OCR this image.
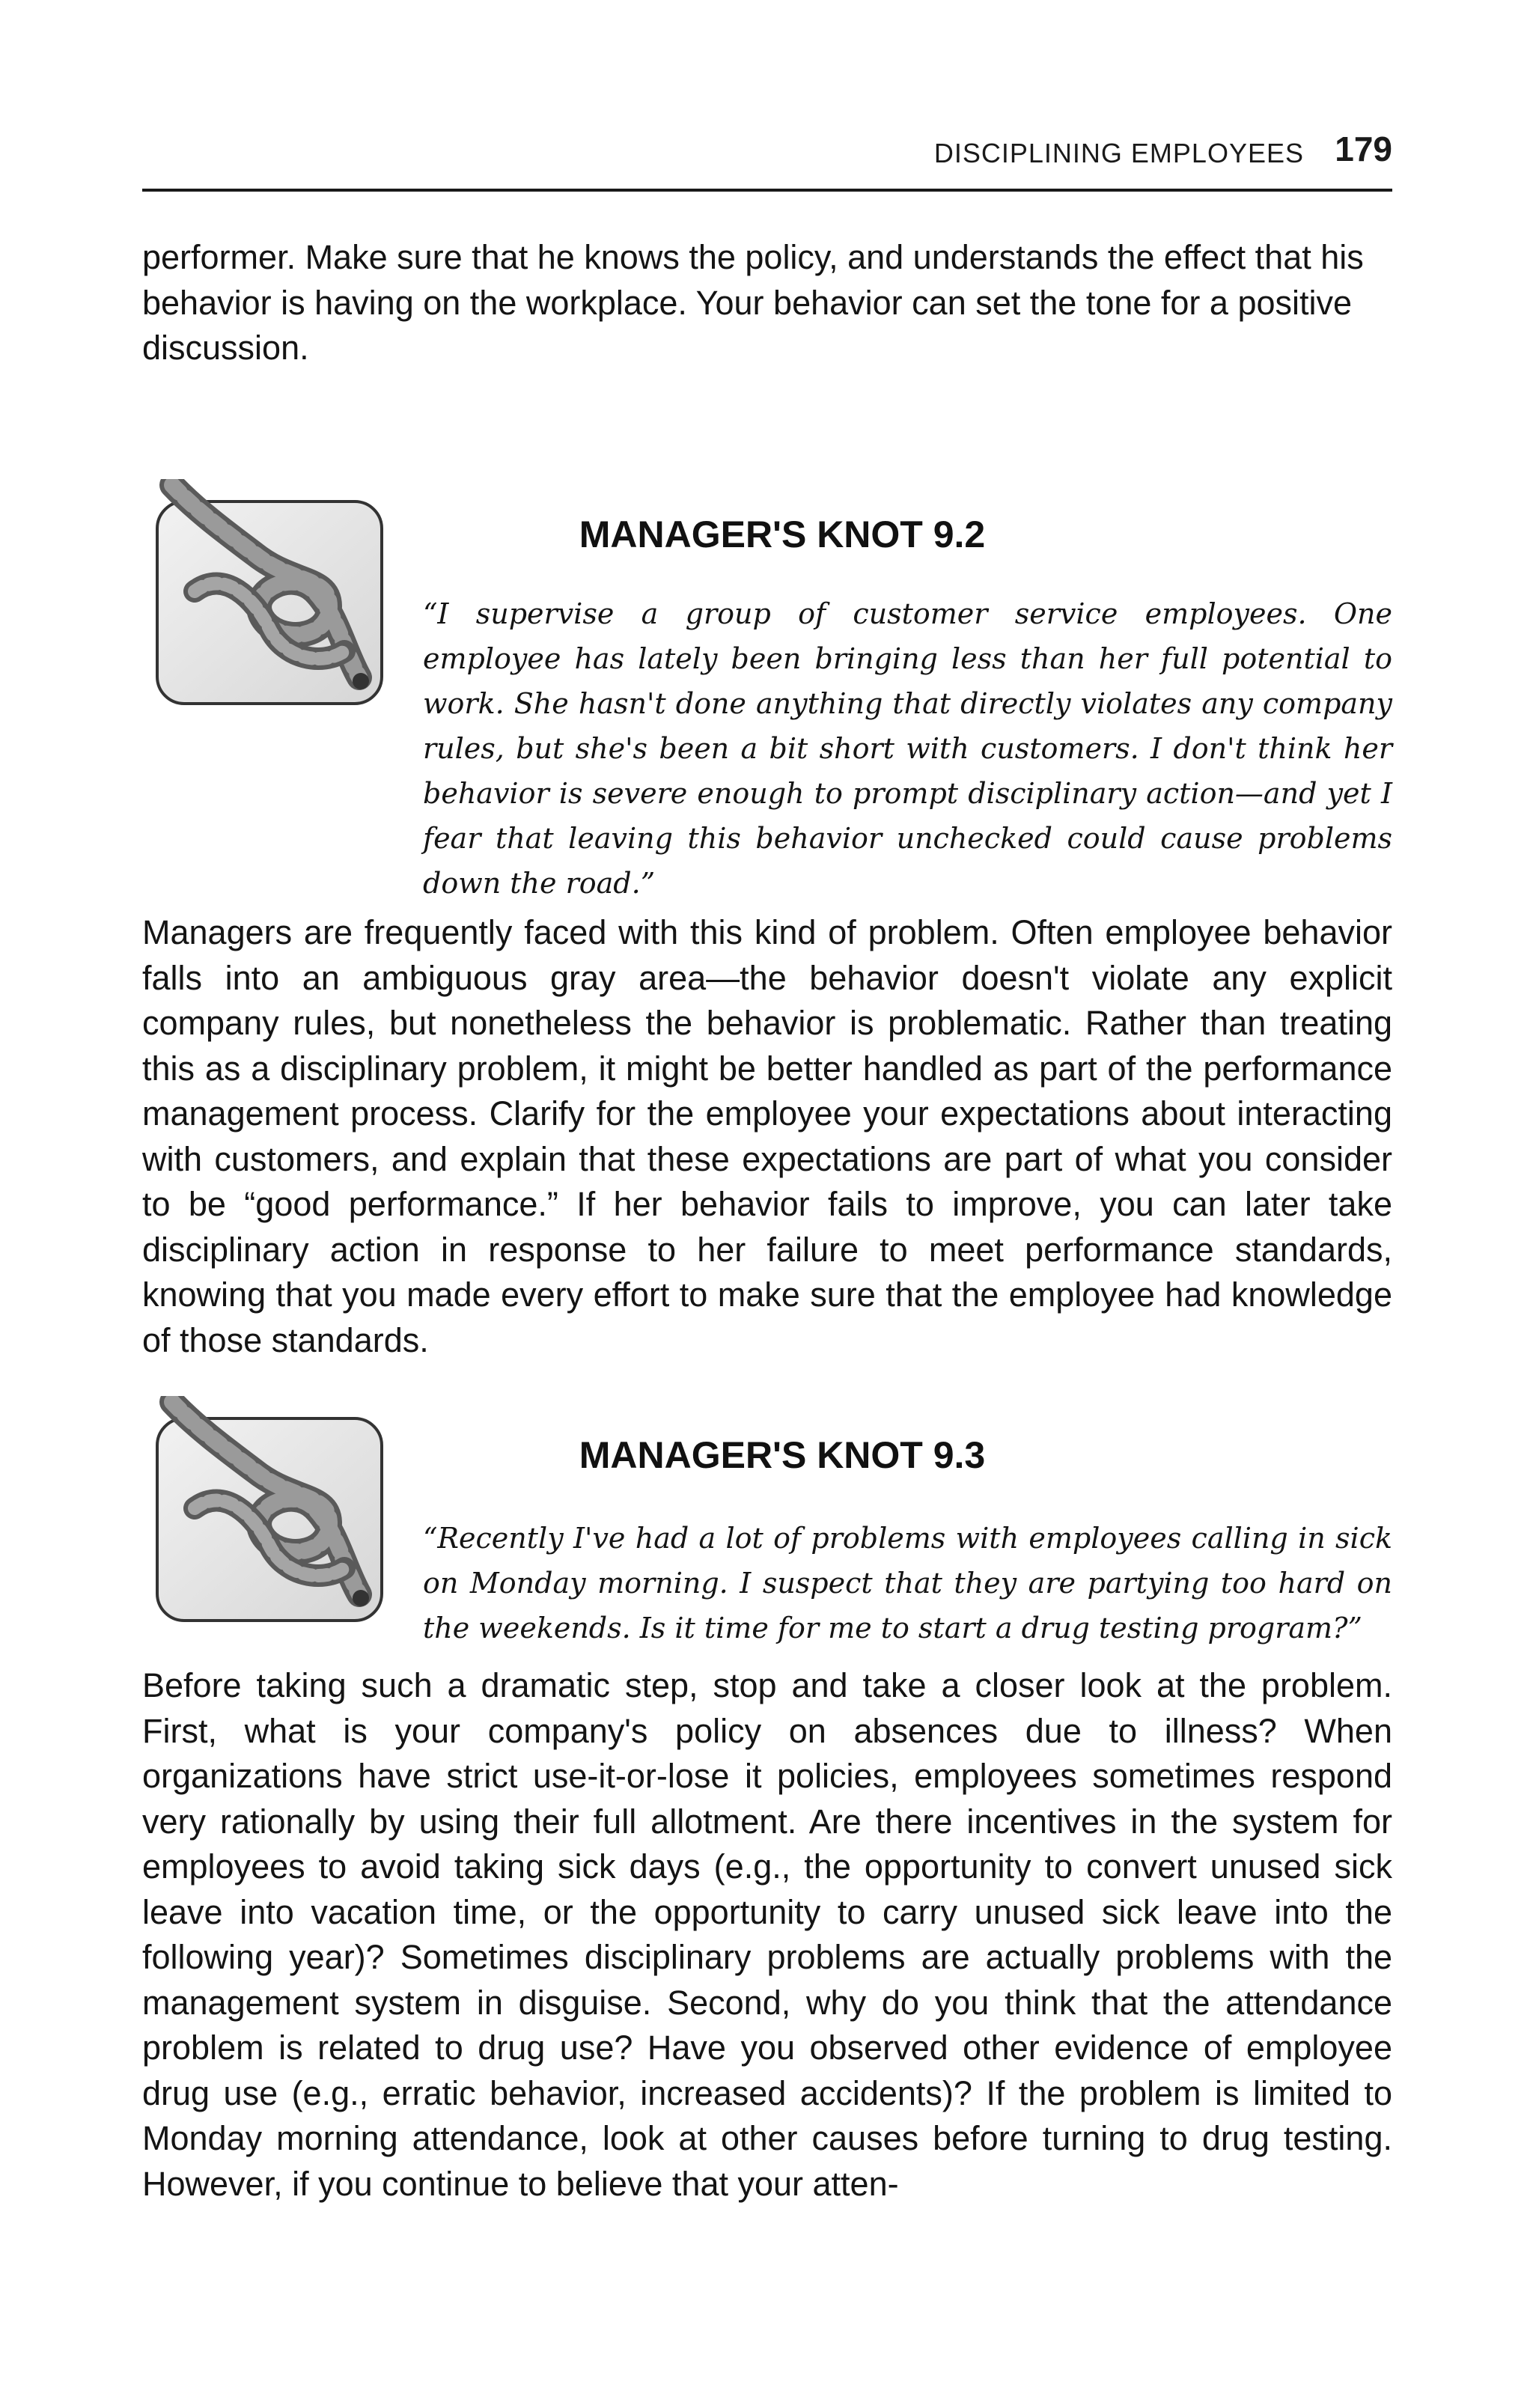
DISCIPLINING EMPLOYEES 179

performer. Make sure that he knows the policy, and understands the effect that his behavior is having on the workplace. Your behavior can set the tone for a positive discussion.

MANAGER'S KNOT 9.2

“I supervise a group of customer service employees. One employee has lately been bringing less than her full potential to work. She hasn't done anything that directly violates any company rules, but she's been a bit short with customers. I don't think her behavior is severe enough to prompt disciplinary action—and yet I fear that leaving this behavior unchecked could cause problems down the road.”

Managers are frequently faced with this kind of problem. Often employee behavior falls into an ambiguous gray area—the behavior doesn't violate any explicit company rules, but nonetheless the behavior is problematic. Rather than treating this as a disciplinary problem, it might be better handled as part of the performance management process. Clarify for the employee your expectations about interacting with customers, and explain that these expectations are part of what you consider to be “good performance.” If her behavior fails to improve, you can later take disciplinary action in response to her failure to meet performance standards, knowing that you made every effort to make sure that the employee had knowledge of those standards.

MANAGER'S KNOT 9.3

“Recently I've had a lot of problems with employees calling in sick on Monday morning. I suspect that they are partying too hard on the weekends. Is it time for me to start a drug testing program?”

Before taking such a dramatic step, stop and take a closer look at the problem. First, what is your company's policy on absences due to illness? When organizations have strict use-it-or-lose it policies, employees sometimes respond very rationally by using their full allotment. Are there incentives in the system for employees to avoid taking sick days (e.g., the opportunity to convert unused sick leave into vacation time, or the opportunity to carry unused sick leave into the following year)? Sometimes disciplinary problems are actually problems with the management system in disguise. Second, why do you think that the attendance problem is related to drug use? Have you observed other evidence of employee drug use (e.g., erratic behavior, increased accidents)? If the problem is limited to Monday morning attendance, look at other causes before turning to drug testing. However, if you continue to believe that your atten-
